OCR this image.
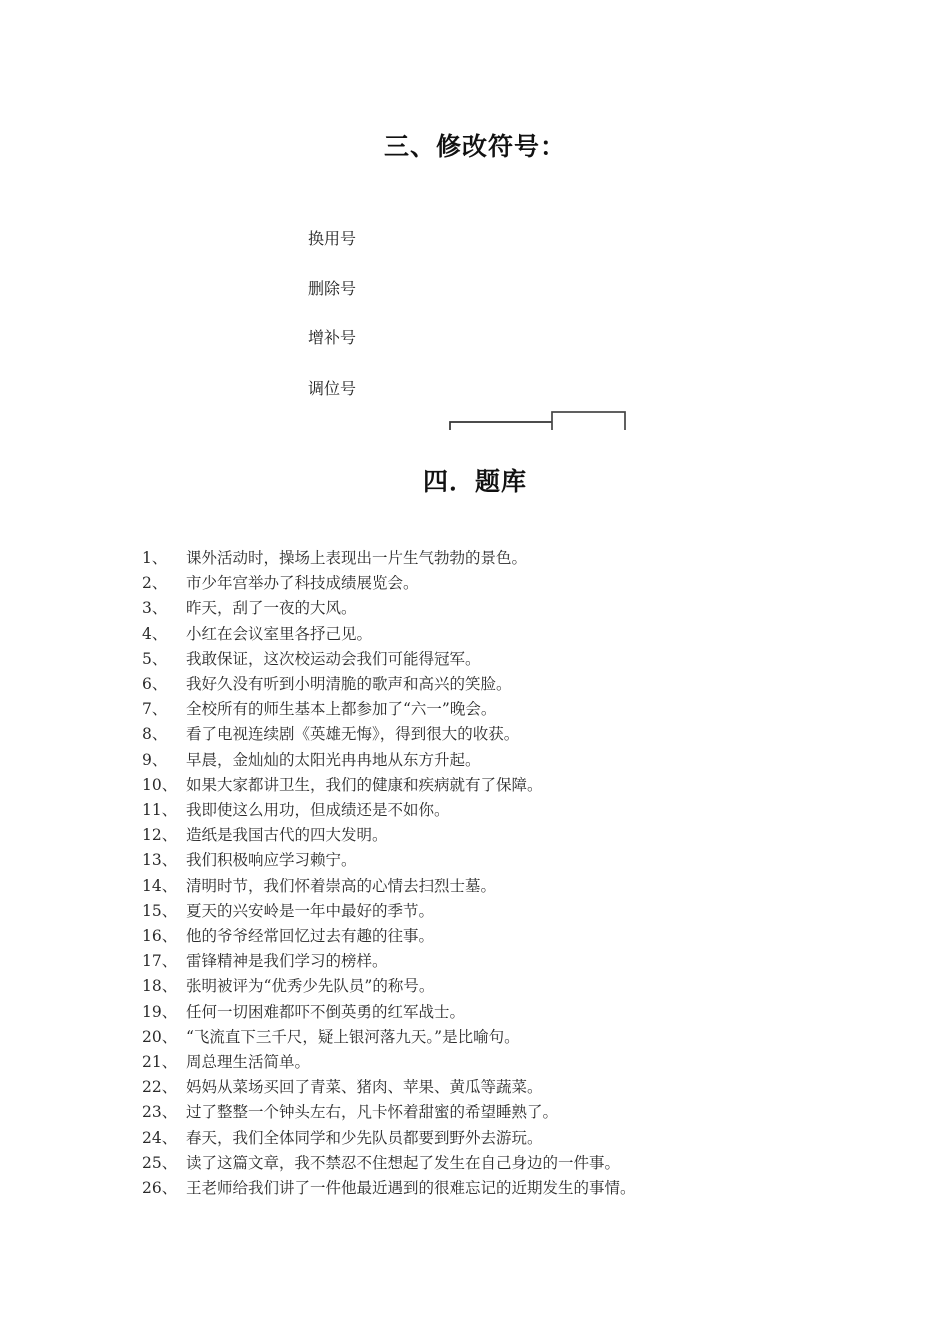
三、修改符号：
换用号
删除号
增补号
调位号
四．题库
1、	课外活动时，操场上表现出一片生气勃勃的景色。
2、	市少年宫举办了科技成绩展览会。
3、	昨天，刮了一夜的大风。
4、	小红在会议室里各抒己见。
5、	我敢保证，这次校运动会我们可能得冠军。
6、	我好久没有听到小明清脆的歌声和高兴的笑脸。
7、	全校所有的师生基本上都参加了“六一”晚会。
8、	看了电视连续剧《英雄无悔》，得到很大的收获。
9、	早晨，金灿灿的太阳光冉冉地从东方升起。
10、 如果大家都讲卫生，我们的健康和疾病就有了保障。
11、 我即使这么用功，但成绩还是不如你。
12、 造纸是我国古代的四大发明。
13、 我们积极响应学习赖宁。
14、 清明时节，我们怀着崇高的心情去扫烈士墓。
15、 夏天的兴安岭是一年中最好的季节。
16、 他的爷爷经常回忆过去有趣的往事。
17、 雷锋精神是我们学习的榜样。
18、 张明被评为“优秀少先队员”的称号。
19、 任何一切困难都吓不倒英勇的红军战士。
20、 “飞流直下三千尺，疑上银河落九天。”是比喻句。
21、 周总理生活简单。
22、 妈妈从菜场买回了青菜、猪肉、苹果、黄瓜等蔬菜。
23、 过了整整一个钟头左右，凡卡怀着甜蜜的希望睡熟了。
24、 春天，我们全体同学和少先队员都要到野外去游玩。
25、 读了这篇文章，我不禁忍不住想起了发生在自己身边的一件事。
26、 王老师给我们讲了一件他最近遇到的很难忘记的近期发生的事情。
